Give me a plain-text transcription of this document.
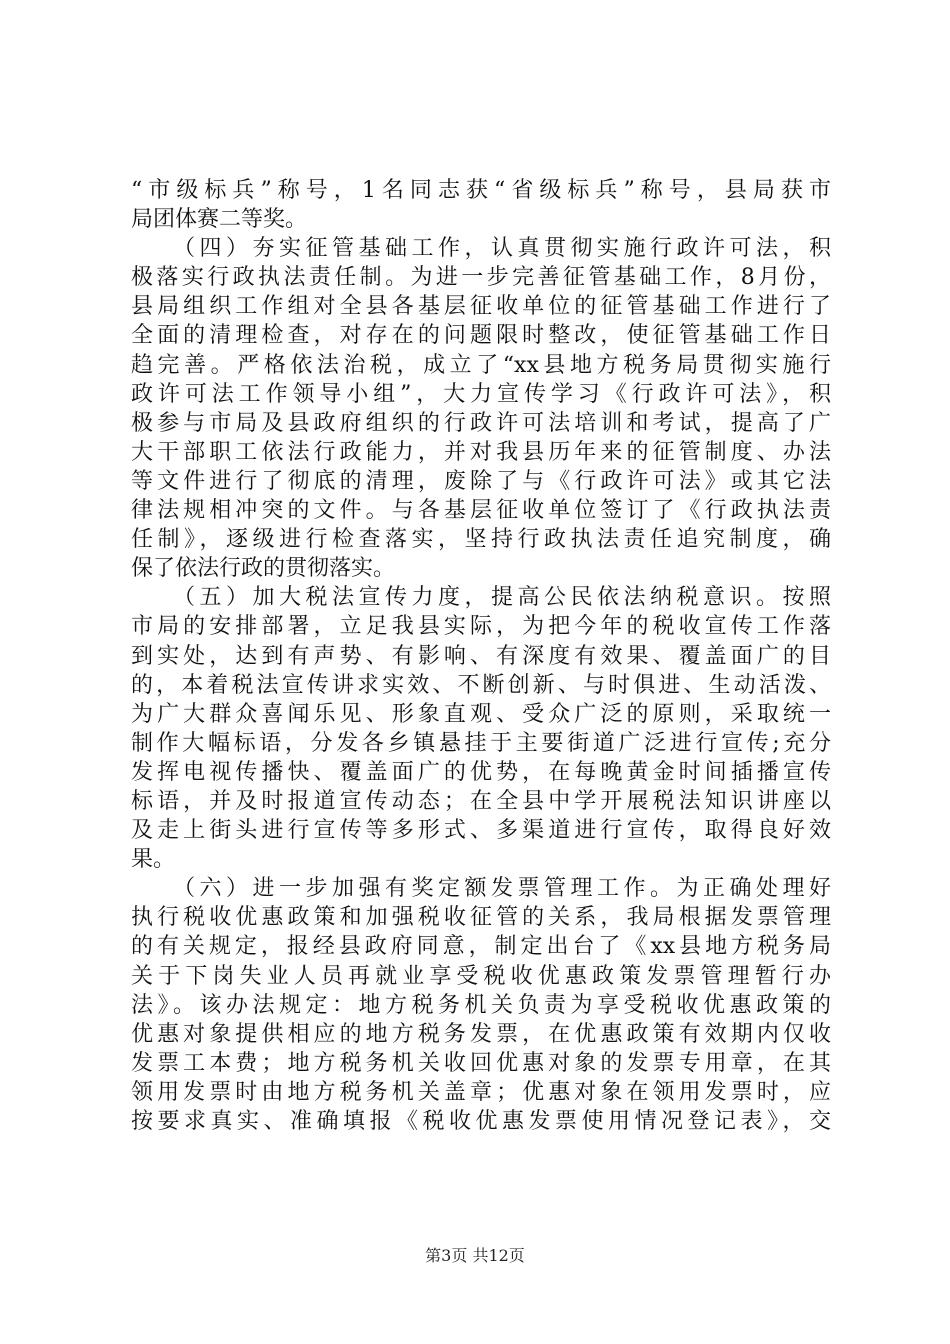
“市级标兵”称号，1名同志获“省级标兵”称号，县局获市
局团体赛二等奖。
　　（四）夯实征管基础工作，认真贯彻实施行政许可法，积
极落实行政执法责任制。为进一步完善征管基础工作，8月份，
县局组织工作组对全县各基层征收单位的征管基础工作进行了
全面的清理检查，对存在的问题限时整改，使征管基础工作日
趋完善。严格依法治税，成立了“xx县地方税务局贯彻实施行
政许可法工作领导小组”，大力宣传学习《行政许可法》，积
极参与市局及县政府组织的行政许可法培训和考试，提高了广
大干部职工依法行政能力，并对我县历年来的征管制度、办法
等文件进行了彻底的清理，废除了与《行政许可法》或其它法
律法规相冲突的文件。与各基层征收单位签订了《行政执法责
任制》，逐级进行检查落实，坚持行政执法责任追究制度，确
保了依法行政的贯彻落实。
　　（五）加大税法宣传力度，提高公民依法纳税意识。按照
市局的安排部署，立足我县实际，为把今年的税收宣传工作落
到实处，达到有声势、有影响、有深度有效果、覆盖面广的目
的，本着税法宣传讲求实效、不断创新、与时俱进、生动活泼、
为广大群众喜闻乐见、形象直观、受众广泛的原则，采取统一
制作大幅标语，分发各乡镇悬挂于主要街道广泛进行宣传;充分
发挥电视传播快、覆盖面广的优势，在每晚黄金时间插播宣传
标语，并及时报道宣传动态；在全县中学开展税法知识讲座以
及走上街头进行宣传等多形式、多渠道进行宣传，取得良好效
果。
　　（六）进一步加强有奖定额发票管理工作。为正确处理好
执行税收优惠政策和加强税收征管的关系，我局根据发票管理
的有关规定，报经县政府同意，制定出台了《xx县地方税务局
关于下岗失业人员再就业享受税收优惠政策发票管理暂行办
法》。该办法规定：地方税务机关负责为享受税收优惠政策的
优惠对象提供相应的地方税务发票，在优惠政策有效期内仅收
发票工本费；地方税务机关收回优惠对象的发票专用章，在其
领用发票时由地方税务机关盖章；优惠对象在领用发票时，应
按要求真实、准确填报《税收优惠发票使用情况登记表》，交
第3页 共12页
